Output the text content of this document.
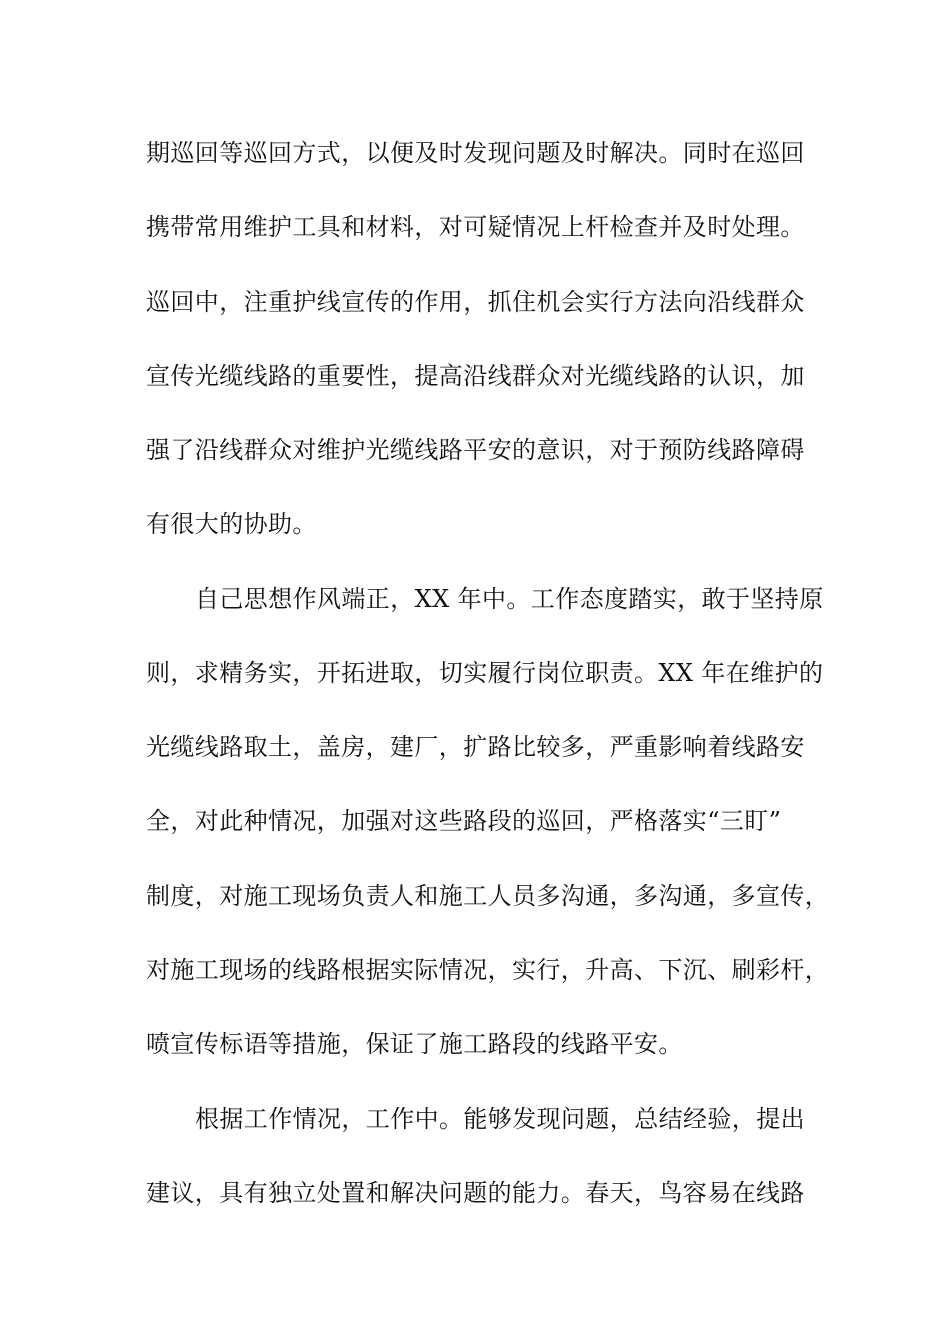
期巡回等巡回方式，以便及时发现问题及时解决。同时在巡回
携带常用维护工具和材料，对可疑情况上杆检查并及时处理。
巡回中，注重护线宣传的作用，抓住机会实行方法向沿线群众
宣传光缆线路的重要性，提高沿线群众对光缆线路的认识，加
强了沿线群众对维护光缆线路平安的意识，对于预防线路障碍
有很大的协助。
自己思想作风端正，XX 年中。工作态度踏实，敢于坚持原
则，求精务实，开拓进取，切实履行岗位职责。XX 年在维护的
光缆线路取土，盖房，建厂，扩路比较多，严重影响着线路安
全，对此种情况，加强对这些路段的巡回，严格落实“三盯”
制度，对施工现场负责人和施工人员多沟通，多沟通，多宣传，
对施工现场的线路根据实际情况，实行，升高、下沉、刷彩杆，
喷宣传标语等措施，保证了施工路段的线路平安。
根据工作情况，工作中。能够发现问题，总结经验，提出
建议，具有独立处置和解决问题的能力。春天，鸟容易在线路
